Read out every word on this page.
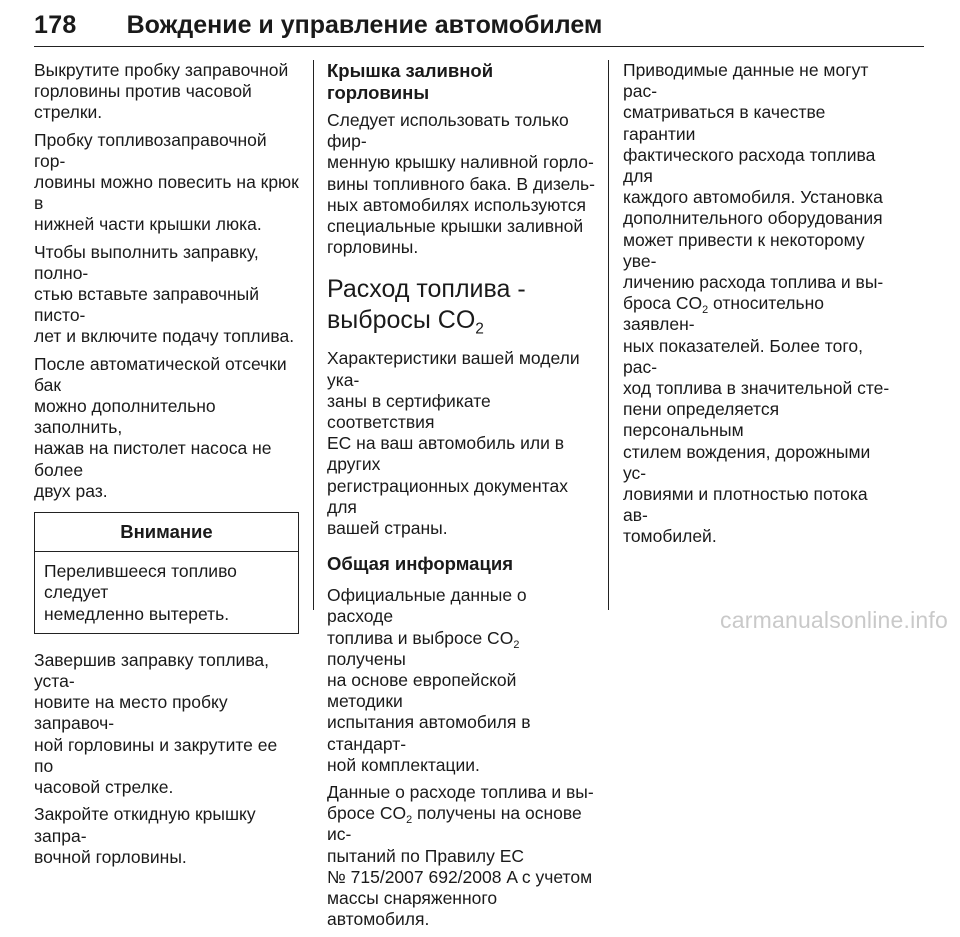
178 Вождение и управление автомобилем

Выкрутите пробку заправочной
горловины против часовой
стрелки.

Пробку топливозаправочной гор-
ловины можно повесить на крюк в
нижней части крышки люка.

Чтобы выполнить заправку, полно-
стью вставьте заправочный писто-
лет и включите подачу топлива.

После автоматической отсечки бак
можно дополнительно заполнить,
нажав на пистолет насоса не более
двух раз.

Внимание
Перелившееся топливо следует
немедленно вытереть.

Завершив заправку топлива, уста-
новите на место пробку заправоч-
ной горловины и закрутите ее по
часовой стрелке.

Закройте откидную крышку запра-
вочной горловины.

Крышка заливной горловины

Следует использовать только фир-
менную крышку наливной горло-
вины топливного бака. В дизель-
ных автомобилях используются
специальные крышки заливной
горловины.

Расход топлива -
выбросы $CO_2$

Характеристики вашей модели ука-
заны в сертификате соответствия
ЕС на ваш автомобиль или в других
регистрационных документах для
вашей страны.

Общая информация

Официальные данные о расходе
топлива и выбросе $CO_2$ получены
на основе европейской методики
испытания автомобиля в стандарт-
ной комплектации.

Данные о расходе топлива и вы-
бросе $CO_2$ получены на основе ис-
пытаний по Правилу ЕС
№ 715/2007 692/2008 A с учетом
массы снаряженного автомобиля.

Приводимые данные не могут рас-
сматриваться в качестве гарантии
фактического расхода топлива для
каждого автомобиля. Установка
дополнительного оборудования
может привести к некоторому уве-
личению расхода топлива и вы-
броса $CO_2$ относительно заявлен-
ных показателей. Более того, рас-
ход топлива в значительной сте-
пени определяется персональным
стилем вождения, дорожными ус-
ловиями и плотностью потока ав-
томобилей.

carmanualsonline.info
